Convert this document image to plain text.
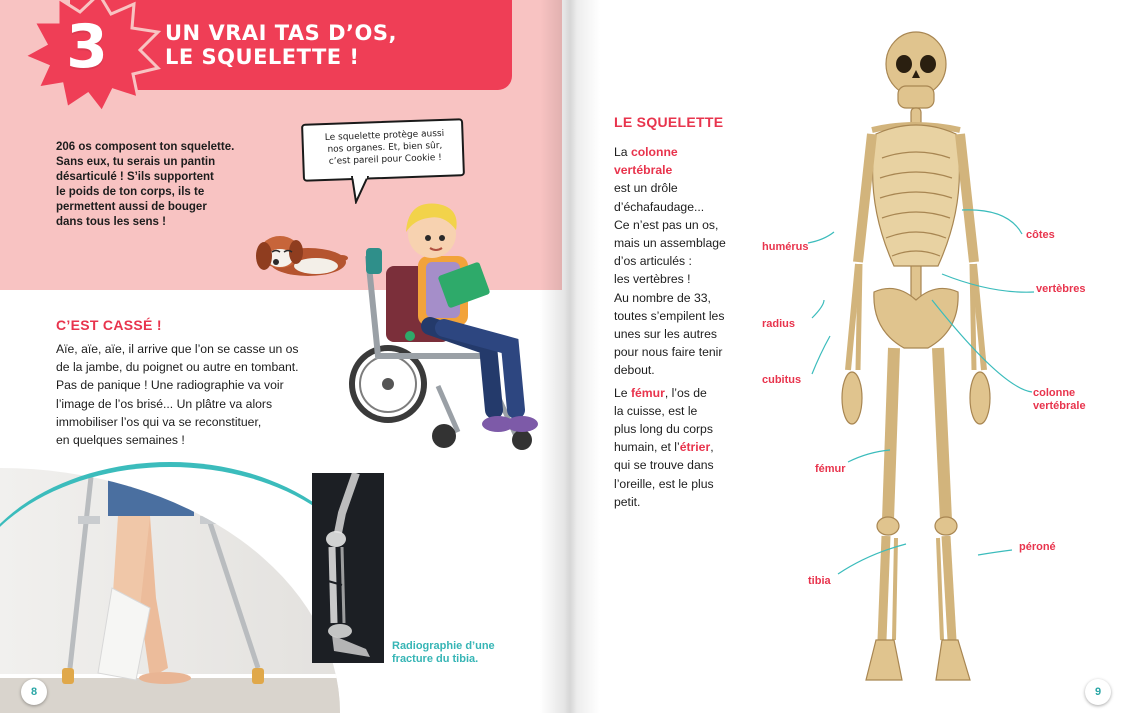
3	UN VRAI TAS D’OS,
LE SQUELETTE !
206 os composent ton squelette.
Sans eux, tu serais un pantin
désarticulé ! S’ils supportent
le poids de ton corps, ils te
permettent aussi de bouger
dans tous les sens !
Le squelette protège aussi
nos organes. Et, bien sûr,
c’est pareil pour Cookie !
C’EST CASSÉ !
Aïe, aïe, aïe, il arrive que l’on se casse un os
de la jambe, du poignet ou autre en tombant.
Pas de panique ! Une radiographie va voir
l’image de l’os brisé... Un plâtre va alors
immobiliser l’os qui va se reconstituer,
en quelques semaines !
Radiographie d’une
fracture du tibia.
8
LE SQUELETTE
La colonne
vertébrale
est un drôle
d’échafaudage...
Ce n’est pas un os,
mais un assemblage
d’os articulés :
les vertèbres !
Au nombre de 33,
toutes s’empilent les
unes sur les autres
pour nous faire tenir
debout.
Le fémur, l’os de
la cuisse, est le
plus long du corps
humain, et l’étrier,
qui se trouve dans
l’oreille, est le plus
petit.
humérus
radius
cubitus
fémur
tibia
côtes
vertèbres
colonne
vertébrale
péroné
9
